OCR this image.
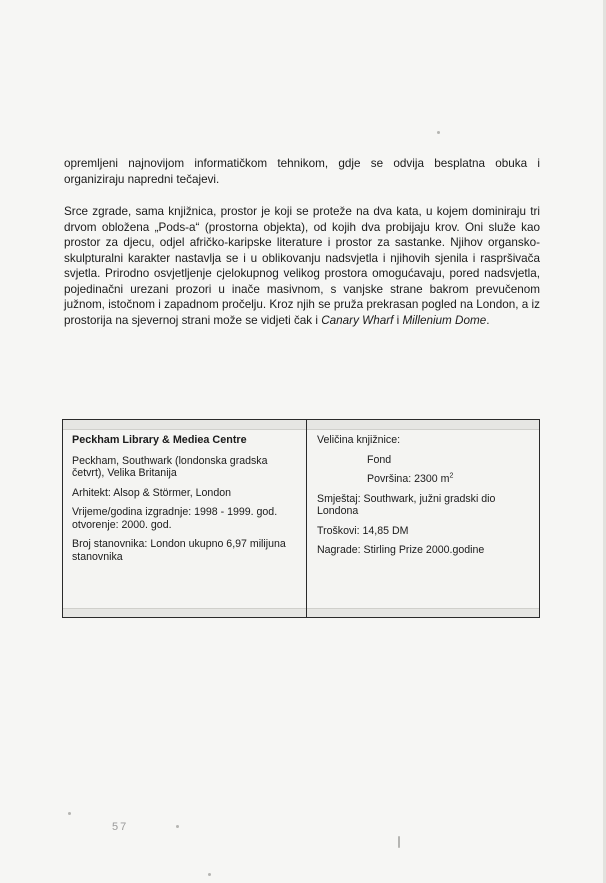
opremljeni najnovijom informatičkom tehnikom, gdje se odvija besplatna obuka i organiziraju napredni tečajevi.

Srce zgrade, sama knjižnica, prostor je koji se proteže na dva kata, u kojem dominiraju tri drvom obložena „Pods-a“ (prostorna objekta), od kojih dva probijaju krov. Oni služe kao prostor za djecu, odjel afričko-karipske literature i prostor za sastanke. Njihov organsko-skulpturalni karakter nastavlja se i u oblikovanju nadsvjetla i njihovih sjenila i raspršivača svjetla. Prirodno osvjetljenje cjelokupnog velikog prostora omogućavaju, pored nadsvjetla, pojedinačni urezani prozori u inače masivnom, s vanjske strane bakrom prevučenom južnom, istočnom i zapadnom pročelju. Kroz njih se pruža prekrasan pogled na London, a iz prostorija na sjevernoj strani može se vidjeti čak i Canary Wharf i Millenium Dome.

Peckham Library & Mediea Centre

Peckham, Southwark (londonska gradska četvrt), Velika Britanija

Arhitekt: Alsop & Störmer, London

Vrijeme/godina izgradnje: 1998 - 1999. god.

otvorenje: 2000. god.

Broj stanovnika: London ukupno 6,97 milijuna stanovnika

Veličina knjižnice:

Fond

Površina: 2300 $m^2$

Smještaj: Southwark, južni gradski dio Londona

Troškovi: 14,85 DM

Nagrade: Stirling Prize 2000.godine

57
